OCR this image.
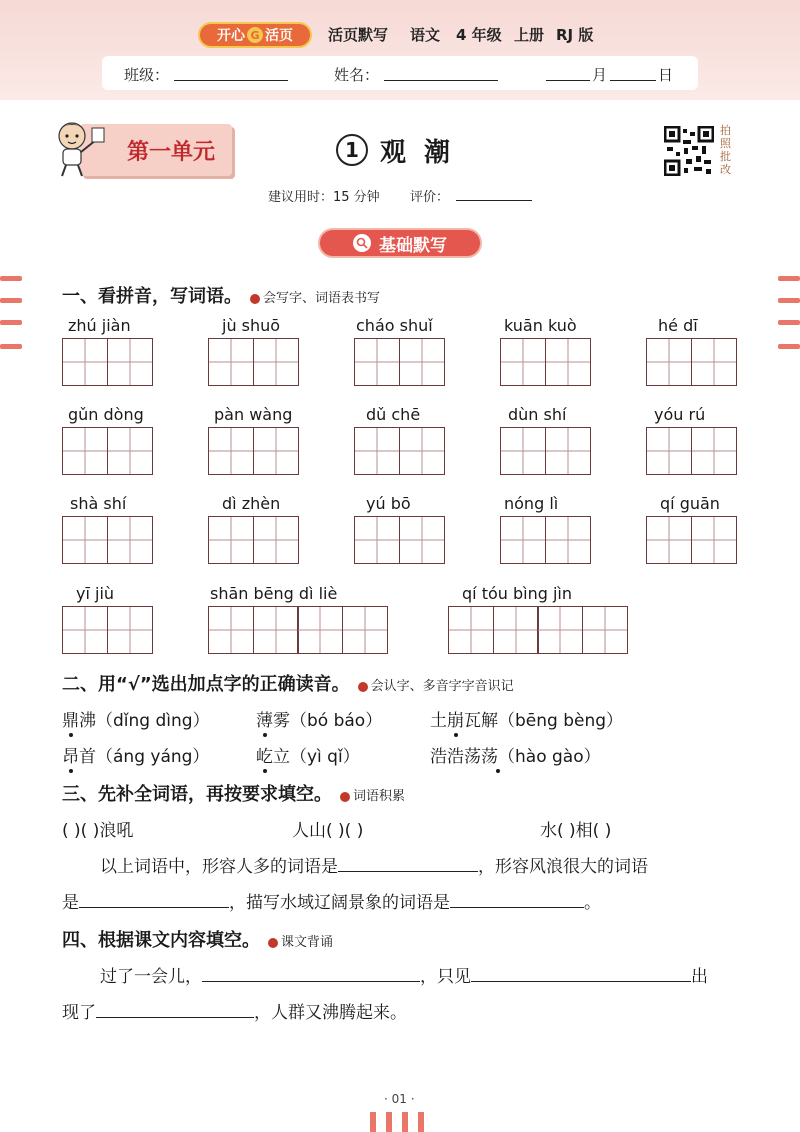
开心 G 活页 活页默写 语文 4 年级 上册 RJ 版
班级：	姓名：	月	日
第一单元	1 观潮
拍照批改
建议用时：15 分钟 评价：
基础默写
一、看拼音，写词语。 会写字、词语表书写
zhú jiàn	jù shuō	cháo shuǐ	kuān kuò	hé dī
gǔn dòng	pàn wàng	dǔ chē	dùn shí	yóu rú
shà shí	dì zhèn	yú bō	nóng lì	qí guān
yī jiù	shān bēng dì liè	qí tóu bìng jìn
二、用“√”选出加点字的正确读音。 会认字、多音字字音识记
鼎沸（dǐng dìng）	薄雾（bó báo）	土崩瓦解（bēng bèng）
昂首（áng yáng）	屹立（yì qǐ）	浩浩荡荡（hào gào）
三、先补全词语，再按要求填空。 词语积累
( )( )浪吼	人山( )( )	水( )相( )
以上词语中，形容人多的词语是	，形容风浪很大的词语
是	，描写水域辽阔景象的词语是	。
四、根据课文内容填空。 课文背诵
过了一会儿，	，只见	出
现了	，人群又沸腾起来。
· 01 ·
